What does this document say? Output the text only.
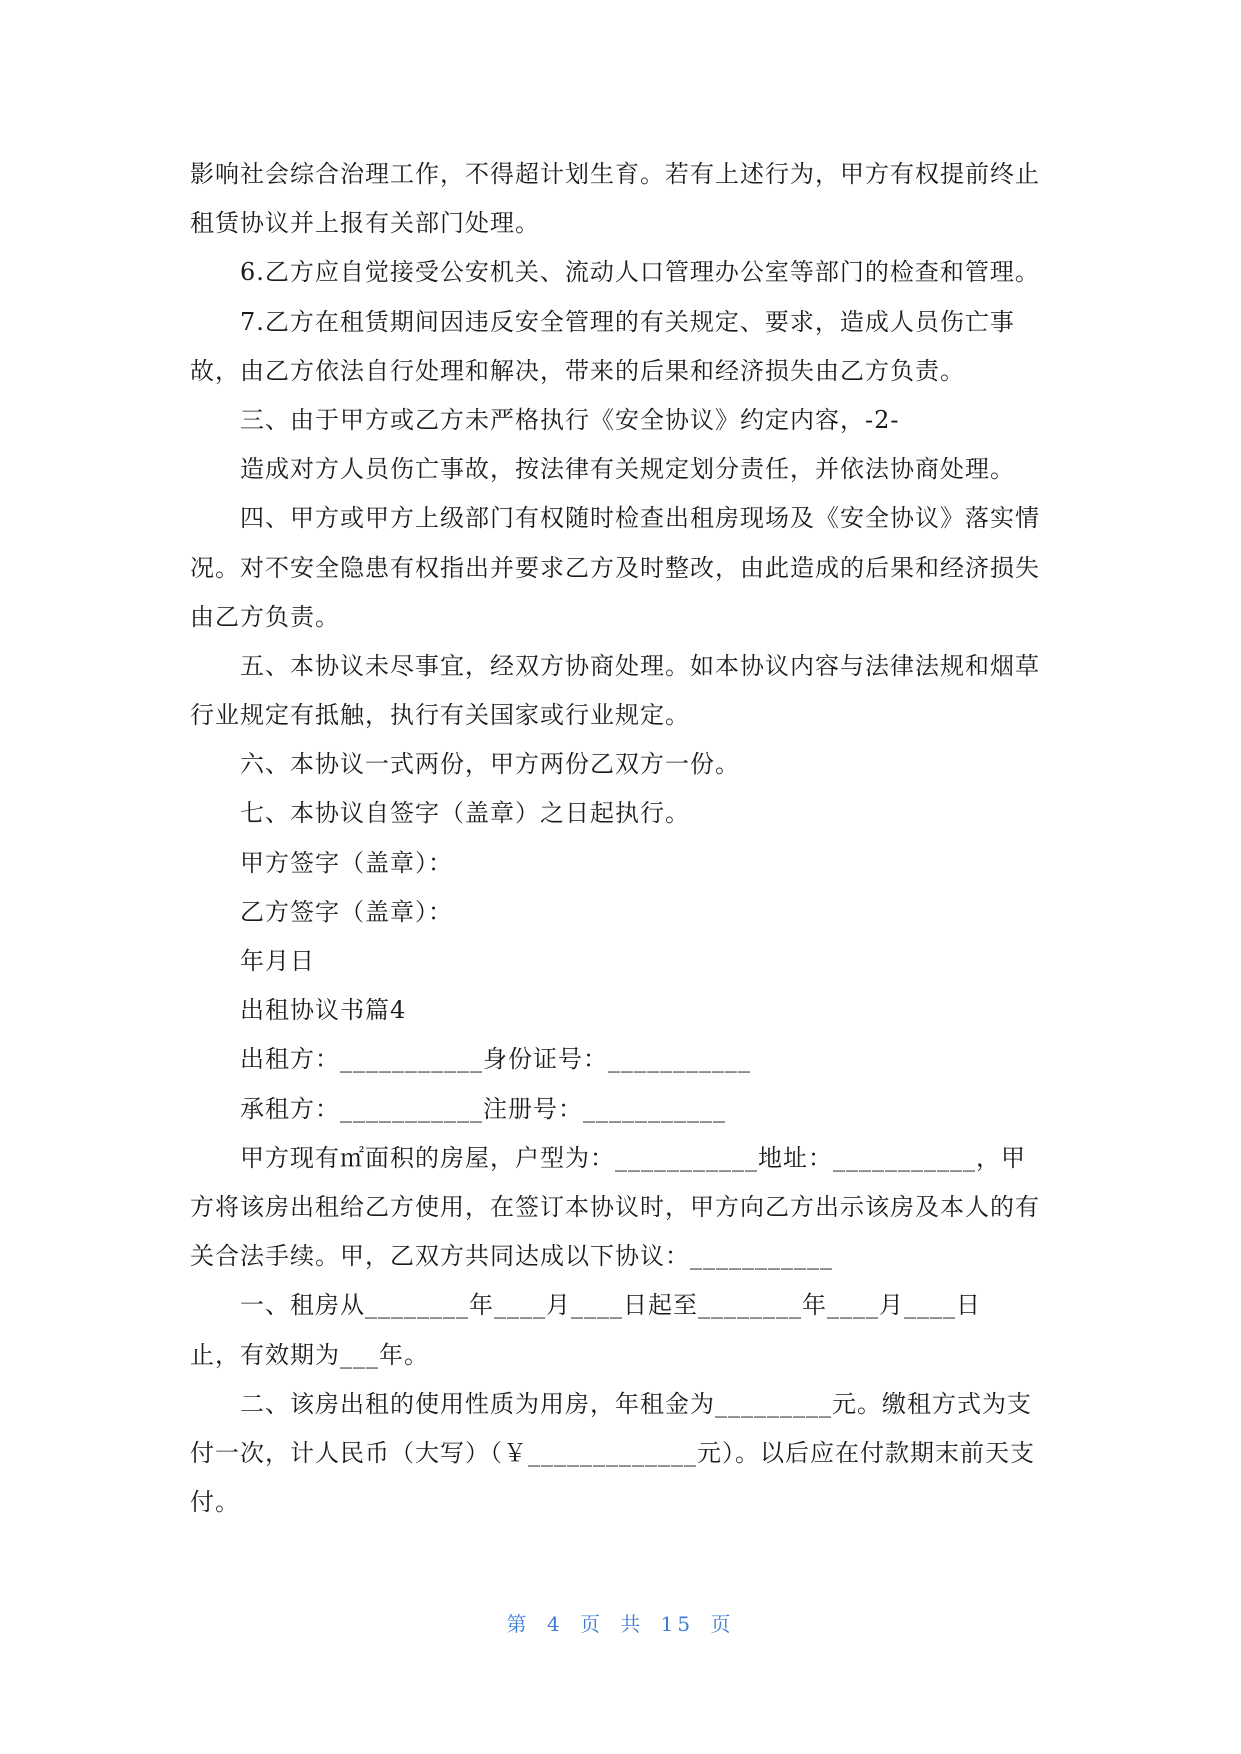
影响社会综合治理工作，不得超计划生育。若有上述行为，甲方有权提前终止
租赁协议并上报有关部门处理。
6.乙方应自觉接受公安机关、流动人口管理办公室等部门的检查和管理。
7.乙方在租赁期间因违反安全管理的有关规定、要求，造成人员伤亡事
故，由乙方依法自行处理和解决，带来的后果和经济损失由乙方负责。
三、由于甲方或乙方未严格执行《安全协议》约定内容，-2-
造成对方人员伤亡事故，按法律有关规定划分责任，并依法协商处理。
四、甲方或甲方上级部门有权随时检查出租房现场及《安全协议》落实情
况。对不安全隐患有权指出并要求乙方及时整改，由此造成的后果和经济损失
由乙方负责。
五、本协议未尽事宜，经双方协商处理。如本协议内容与法律法规和烟草
行业规定有抵触，执行有关国家或行业规定。
六、本协议一式两份，甲方两份乙双方一份。
七、本协议自签字（盖章）之日起执行。
甲方签字（盖章）：
乙方签字（盖章）：
年月日
出租协议书篇4
出租方：___________身份证号：___________
承租方：___________注册号：___________
甲方现有㎡面积的房屋，户型为：___________地址：___________，甲
方将该房出租给乙方使用，在签订本协议时，甲方向乙方出示该房及本人的有
关合法手续。甲，乙双方共同达成以下协议：___________
一、租房从________年____月____日起至________年____月____日
止，有效期为___年。
二、该房出租的使用性质为用房，年租金为_________元。缴租方式为支
付一次，计人民币（大写）（￥_____________元）。以后应在付款期末前天支
付。
第 4 页 共 15 页
